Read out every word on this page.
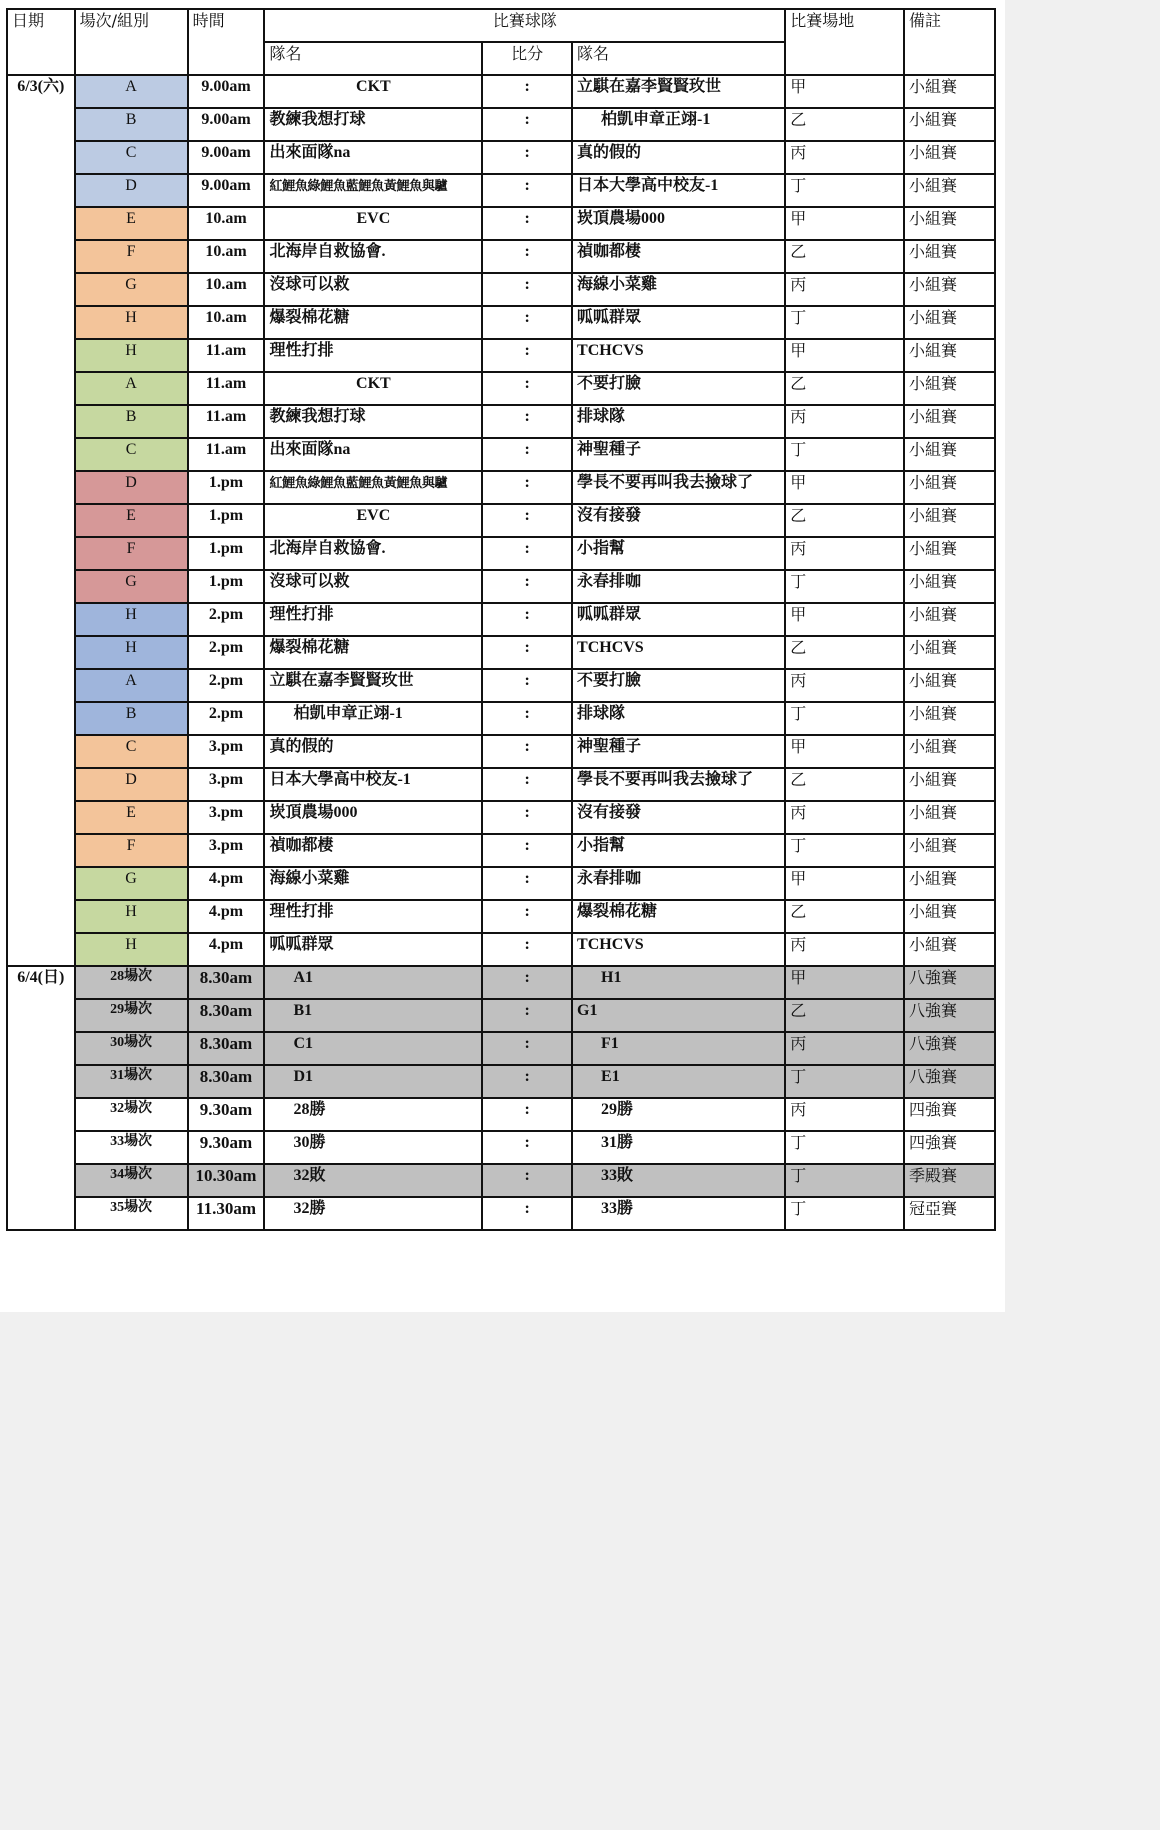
日期	場次/組別	時間	比賽球隊			比賽場地	備註
			隊名	比分	隊名		
6/3(六)	A	9.00am	CKT	:	立騏在嘉李賢賢玫世	甲	小組賽
	B	9.00am	教練我想打球	:	柏凱申章正翊-1	乙	小組賽
	C	9.00am	出來面隊na	:	真的假的	丙	小組賽
	D	9.00am	紅鯉魚綠鯉魚藍鯉魚黃鯉魚與驢	:	日本大學高中校友-1	丁	小組賽
	E	10.am	EVC	:	崁頂農場000	甲	小組賽
	F	10.am	北海岸自救協會.	:	禎咖都棲	乙	小組賽
	G	10.am	沒球可以救	:	海線小菜雞	丙	小組賽
	H	10.am	爆裂棉花糖	:	呱呱群眾	丁	小組賽
	H	11.am	理性打排	:	TCHCVS	甲	小組賽
	A	11.am	CKT	:	不要打臉	乙	小組賽
	B	11.am	教練我想打球	:	排球隊	丙	小組賽
	C	11.am	出來面隊na	:	神聖種子	丁	小組賽
	D	1.pm	紅鯉魚綠鯉魚藍鯉魚黃鯉魚與驢	:	學長不要再叫我去撿球了	甲	小組賽
	E	1.pm	EVC	:	沒有接發	乙	小組賽
	F	1.pm	北海岸自救協會.	:	小指幫	丙	小組賽
	G	1.pm	沒球可以救	:	永春排咖	丁	小組賽
	H	2.pm	理性打排	:	呱呱群眾	甲	小組賽
	H	2.pm	爆裂棉花糖	:	TCHCVS	乙	小組賽
	A	2.pm	立騏在嘉李賢賢玫世	:	不要打臉	丙	小組賽
	B	2.pm	柏凱申章正翊-1	:	排球隊	丁	小組賽
	C	3.pm	真的假的	:	神聖種子	甲	小組賽
	D	3.pm	日本大學高中校友-1	:	學長不要再叫我去撿球了	乙	小組賽
	E	3.pm	崁頂農場000	:	沒有接發	丙	小組賽
	F	3.pm	禎咖都棲	:	小指幫	丁	小組賽
	G	4.pm	海線小菜雞	:	永春排咖	甲	小組賽
	H	4.pm	理性打排	:	爆裂棉花糖	乙	小組賽
	H	4.pm	呱呱群眾	:	TCHCVS	丙	小組賽
6/4(日)	28場次	8.30am	A1	:	H1	甲	八強賽
	29場次	8.30am	B1	:	G1	乙	八強賽
	30場次	8.30am	C1	:	F1	丙	八強賽
	31場次	8.30am	D1	:	E1	丁	八強賽
	32場次	9.30am	28勝	:	29勝	丙	四強賽
	33場次	9.30am	30勝	:	31勝	丁	四強賽
	34場次	10.30am	32敗	:	33敗	丁	季殿賽
	35場次	11.30am	32勝	:	33勝	丁	冠亞賽
